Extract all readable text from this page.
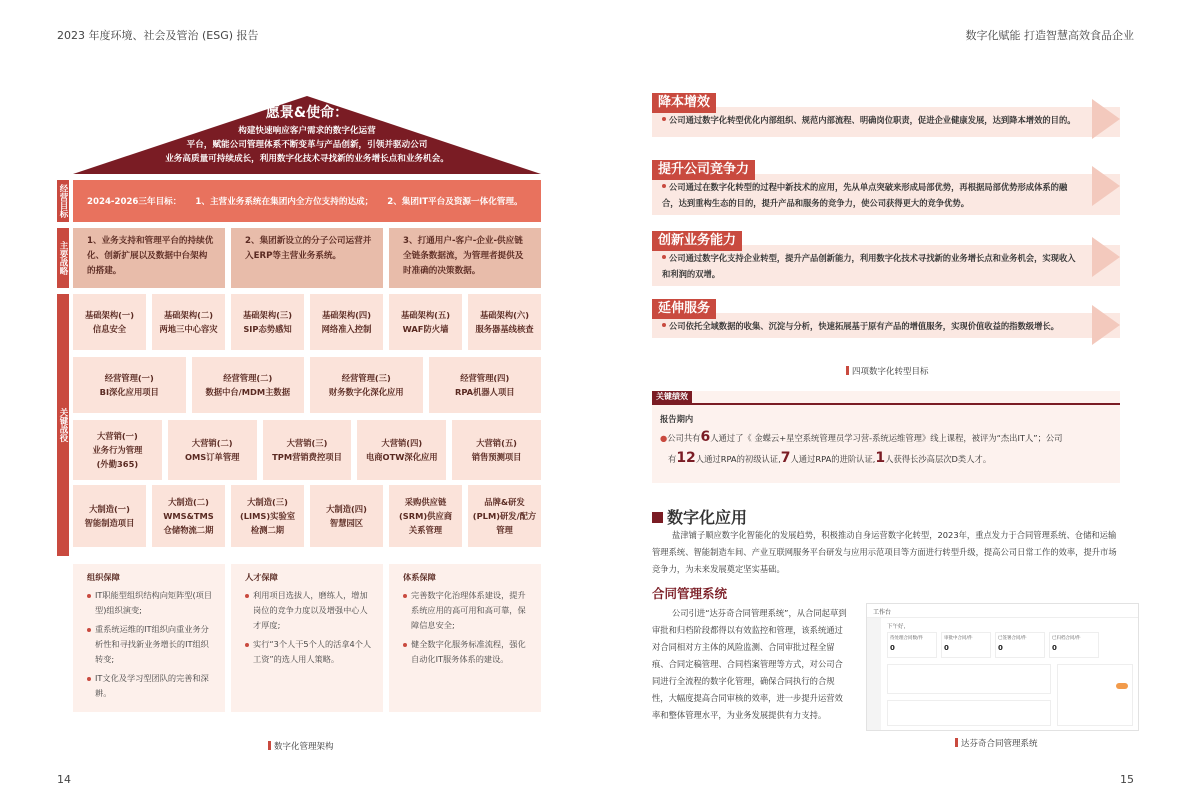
2023 年度环境、社会及管治 (ESG) 报告	数字化赋能 打造智慧高效食品企业
14	15
愿景&使命：
构建快速响应客户需求的数字化运营
平台，赋能公司管理体系不断变革与产品创新，引领并驱动公司
业务高质量可持续成长，利用数字化技术寻找新的业务增长点和业务机会。
经营目标
主要战略
关键战役
2024-2026三年目标： 1、主营业务系统在集团内全方位支持的达成； 2、集团IT平台及资源一体化管理。
1、业务支持和管理平台的持续优化、创新扩展以及数据中台架构的搭建。
2、集团新设立的分子公司运营并入ERP等主营业务系统。
3、打通用户-客户-企业-供应链全链条数据流，为管理者提供及时准确的决策数据。
基础架构(一)
信息安全
基础架构(二)
两地三中心容灾
基础架构(三)
SIP态势感知
基础架构(四)
网络准入控制
基础架构(五)
WAF防火墙
基础架构(六)
服务器基线核查
经营管理(一)
BI深化应用项目
经营管理(二)
数据中台/MDM主数据
经营管理(三)
财务数字化深化应用
经营管理(四)
RPA机器人项目
大营销(一)
业务行为管理
(外勤365)
大营销(二)
OMS订单管理
大营销(三)
TPM营销费控项目
大营销(四)
电商OTW深化应用
大营销(五)
销售预测项目
大制造(一)
智能制造项目
大制造(二)
WMS&TMS
仓储物流二期
大制造(三)
(LIMS)实验室
检测二期
大制造(四)
智慧园区
采购供应链
(SRM)供应商
关系管理
品牌&研发
(PLM)研发/配方
管理
组织保障
IT职能型组织结构向矩阵型(项目型)组织演变;
重系统运维的IT组织向重业务分析性和寻找新业务增长的IT组织转变;
IT文化及学习型团队的完善和深耕。
人才保障
利用项目选拔人，磨练人，增加岗位的竞争力度以及增强中心人才厚度;
实行“3个人干5个人的活拿4个人工资”的选人用人策略。
体系保障
完善数字化治理体系建设，提升系统应用的高可用和高可靠，保障信息安全;
健全数字化服务标准流程，强化自动化IT服务体系的建设。
数字化管理架构
公司通过数字化转型优化内部组织、规范内部流程、明确岗位职责，促进企业健康发展，达到降本增效的目的。
降本增效
公司通过在数字化转型的过程中新技术的应用，先从单点突破来形成局部优势，再根据局部优势形成体系的融合，达到重构生态的目的，提升产品和服务的竞争力，使公司获得更大的竞争优势。
提升公司竞争力
公司通过数字化支持企业转型，提升产品创新能力，利用数字化技术寻找新的业务增长点和业务机会，实现收入和利润的双增。
创新业务能力
公司依托全域数据的收集、沉淀与分析，快速拓展基于原有产品的增值服务，实现价值收益的指数级增长。
延伸服务
四项数字化转型目标
关键绩效
报告期内
●公司共有6人通过了《 金蝶云+星空系统管理员学习营-系统运维管理》线上课程，被评为“杰出IT人”；公司
有12人通过RPA的初级认证,7人通过RPA的进阶认证,1人获得长沙高层次D类人才。
数字化应用
盐津铺子顺应数字化智能化的发展趋势，积极推动自身运营数字化转型，2023年，重点发力于合同管理系统、仓储和运输管理系统、智能制造车间、产业互联网服务平台研发与应用示范项目等方面进行转型升级，提高公司日常工作的效率，提升市场竞争力，为未来发展奠定坚实基础。
合同管理系统
公司引进“达芬奇合同管理系统”，从合同起草到审批和归档阶段都得以有效监控和管理，该系统通过对合同相对方主体的风险监测、合同审批过程全留痕、合同定稿管理、合同档案管理等方式，对公司合同进行全流程的数字化管理，确保合同执行的合规性，大幅度提高合同审核的效率，进一步提升运营效率和整体管理水平，为业务发展提供有力支持。
工作台
下午好，
待处理合同数/件
0
审批中合同/件
0
已签署合同/件
0
已归档合同/件
0
达芬奇合同管理系统
